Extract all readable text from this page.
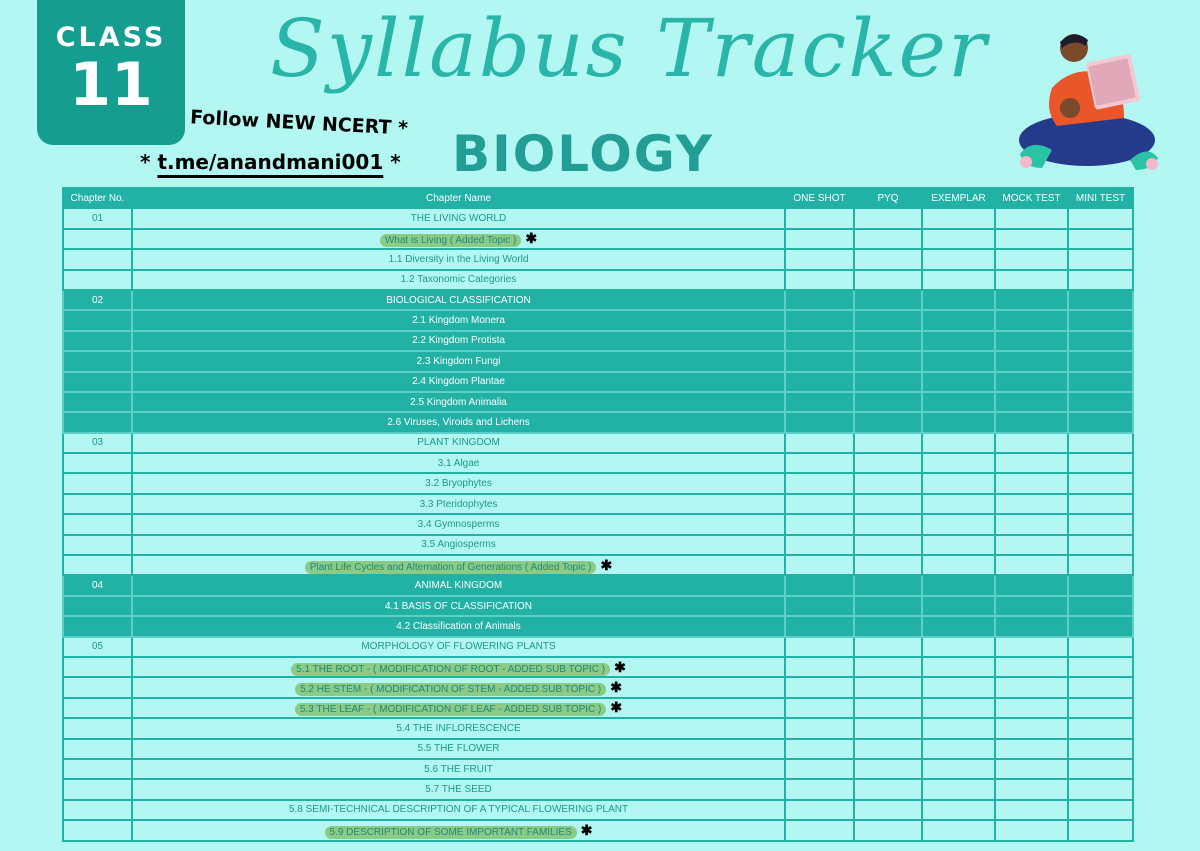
CLASS
11	Syllabus Tracker
BIOLOGY
Follow NEW NCERT *
* t.me/anandmani001 *
Chapter No.	Chapter Name	ONE SHOT	PYQ	EXEMPLAR	MOCK TEST	MINI TEST
01	THE LIVING WORLD					
	What is Living ( Added Topic ) ✱					
	1.1 Diversity in the Living World					
	1.2 Taxonomic Categories					
02	BIOLOGICAL CLASSIFICATION					
	2.1 Kingdom Monera					
	2.2 Kingdom Protista					
	2.3 Kingdom Fungi					
	2.4 Kingdom Plantae					
	2.5 Kingdom Animalia					
	2.6 Viruses, Viroids and Lichens					
03	PLANT KINGDOM					
	3.1 Algae					
	3.2 Bryophytes					
	3.3 Pteridophytes					
	3.4 Gymnosperms					
	3.5 Angiosperms					
	Plant Life Cycles and Alternation of Generations ( Added Topic ) ✱					
04	ANIMAL KINGDOM					
	4.1 BASIS OF CLASSIFICATION					
	4.2 Classification of Animals					
05	MORPHOLOGY OF FLOWERING PLANTS					
	5.1 THE ROOT - ( MODIFICATION OF ROOT - ADDED SUB TOPIC ) ✱					
	5.2 HE STEM - ( MODIFICATION OF STEM - ADDED SUB TOPIC ) ✱					
	5.3 THE LEAF - ( MODIFICATION OF LEAF - ADDED SUB TOPIC ) ✱					
	5.4 THE INFLORESCENCE					
	5.5 THE FLOWER					
	5.6 THE FRUIT					
	5.7 THE SEED					
	5.8 SEMI-TECHNICAL DESCRIPTION OF A TYPICAL FLOWERING PLANT					
	5.9 DESCRIPTION OF SOME IMPORTANT FAMILIES ✱					
